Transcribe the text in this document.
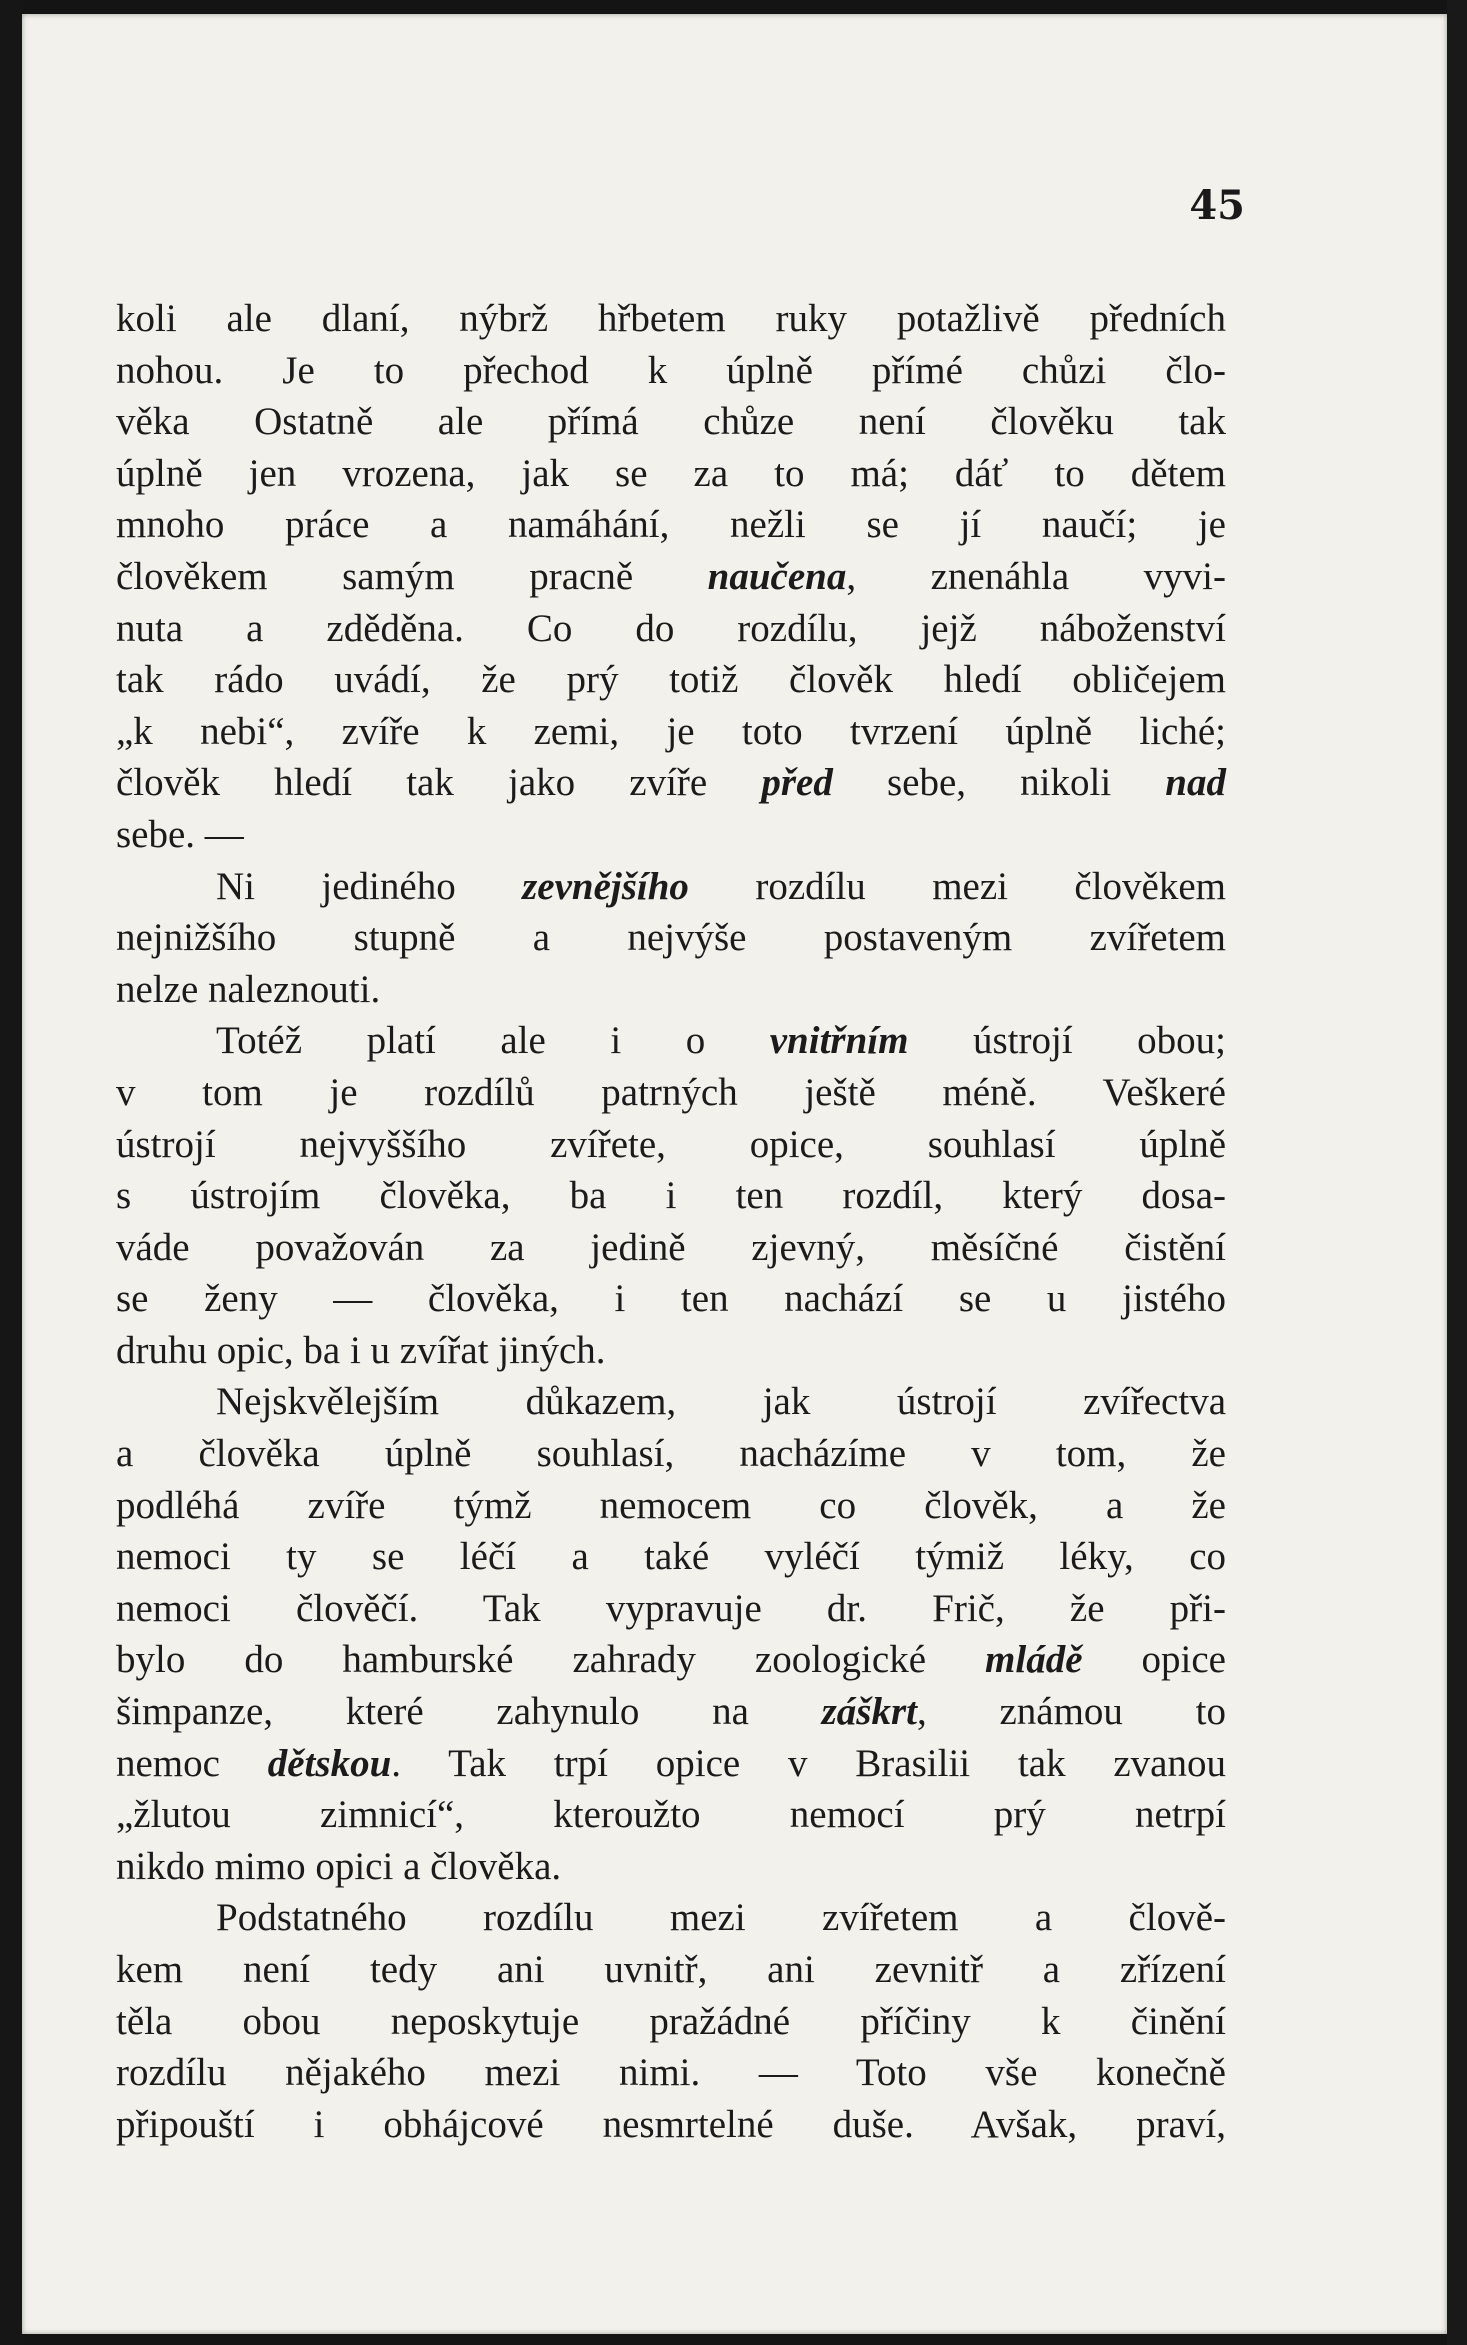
45
koli ale dlaní, nýbrž hřbetem ruky potažlivě předních
nohou. Je to přechod k úplně přímé chůzi člo-
věka Ostatně ale přímá chůze není člověku tak
úplně jen vrozena, jak se za to má; dáť to dětem
mnoho práce a namáhání, nežli se jí naučí; je
člověkem samým pracně naučena, znenáhla vyvi-
nuta a zděděna. Co do rozdílu, jejž náboženství
tak rádo uvádí, že prý totiž člověk hledí obličejem
„k nebi“, zvíře k zemi, je toto tvrzení úplně liché;
člověk hledí tak jako zvíře před sebe, nikoli nad
sebe. —
Ni jediného zevnějšího rozdílu mezi člověkem
nejnižšího stupně a nejvýše postaveným zvířetem
nelze naleznouti.
Totéž platí ale i o vnitřním ústrojí obou;
v tom je rozdílů patrných ještě méně. Veškeré
ústrojí nejvyššího zvířete, opice, souhlasí úplně
s ústrojím člověka, ba i ten rozdíl, který dosa-
váde považován za jedině zjevný, měsíčné čistění
se ženy — člověka, i ten nachází se u jistého
druhu opic, ba i u zvířat jiných.
Nejskvělejším důkazem, jak ústrojí zvířectva
a člověka úplně souhlasí, nacházíme v tom, že
podléhá zvíře týmž nemocem co člověk, a že
nemoci ty se léčí a také vyléčí týmiž léky, co
nemoci člověčí. Tak vypravuje dr. Frič, že při-
bylo do hamburské zahrady zoologické mládě opice
šimpanze, které zahynulo na záškrt, známou to
nemoc dětskou. Tak trpí opice v Brasilii tak zvanou
„žlutou zimnicí“, kteroužto nemocí prý netrpí
nikdo mimo opici a člověka.
Podstatného rozdílu mezi zvířetem a člově-
kem není tedy ani uvnitř, ani zevnitř a zřízení
těla obou neposkytuje pražádné příčiny k činění
rozdílu nějakého mezi nimi. — Toto vše konečně
připouští i obhájcové nesmrtelné duše. Avšak, praví,
